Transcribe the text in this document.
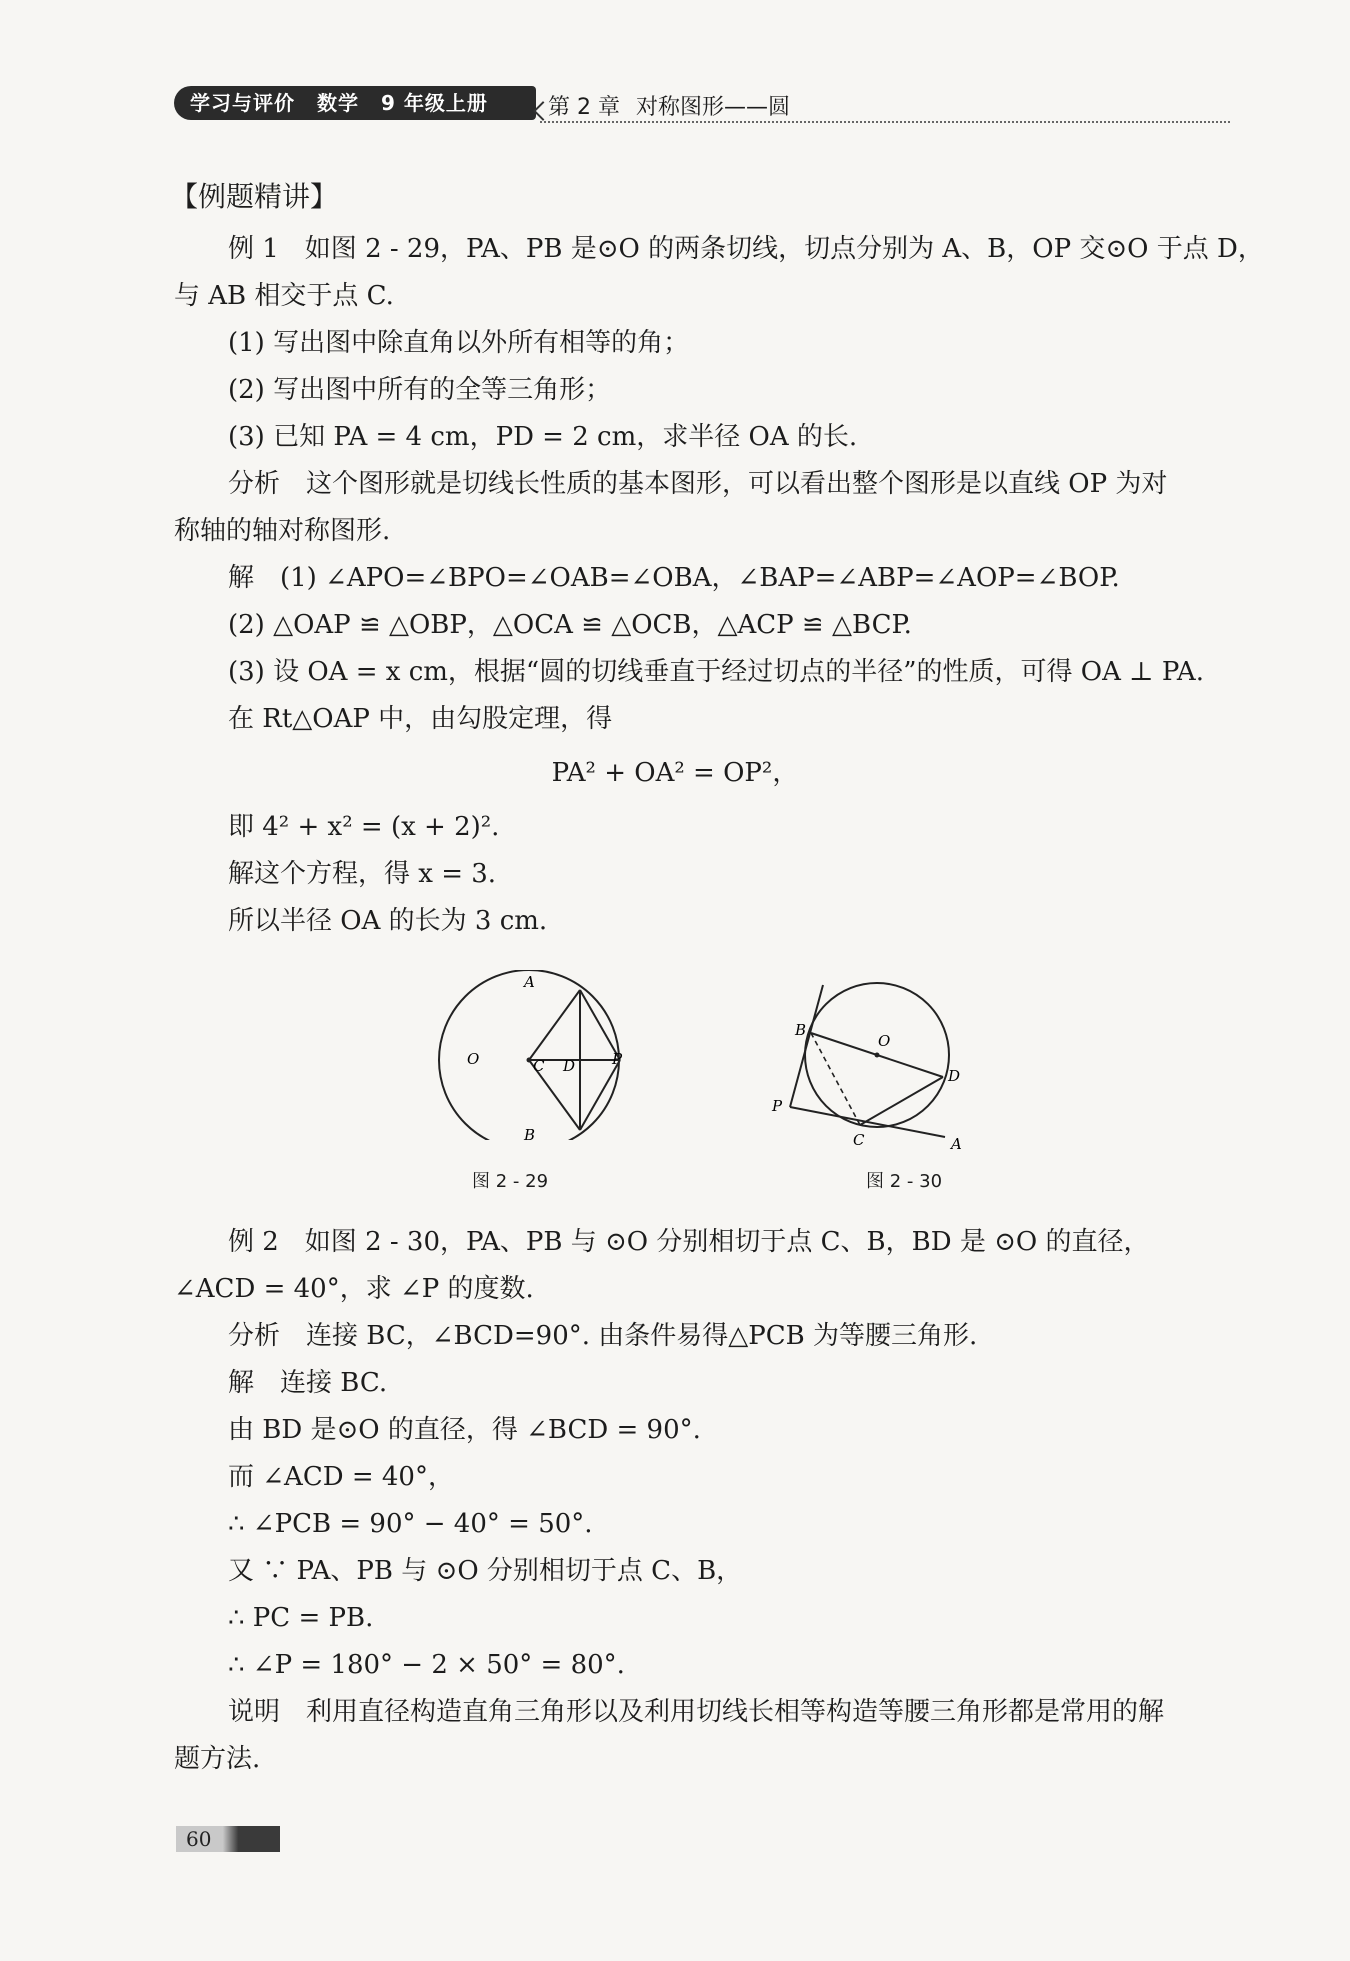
学习与评价 数学 9 年级上册	第 2 章 对称图形——圆
【例题精讲】
例 1　如图 2 - 29，PA、PB 是⊙O 的两条切线，切点分别为 A、B，OP 交⊙O 于点 D，
与 AB 相交于点 C.
(1) 写出图中除直角以外所有相等的角；
(2) 写出图中所有的全等三角形；
(3) 已知 PA = 4 cm，PD = 2 cm，求半径 OA 的长.
分析　这个图形就是切线长性质的基本图形，可以看出整个图形是以直线 OP 为对
称轴的轴对称图形.
解　(1) ∠APO=∠BPO=∠OAB=∠OBA，∠BAP=∠ABP=∠AOP=∠BOP.
(2) △OAP ≌ △OBP，△OCA ≌ △OCB，△ACP ≌ △BCP.
(3) 设 OA = x cm，根据“圆的切线垂直于经过切点的半径”的性质，可得 OA ⊥ PA.
在 Rt△OAP 中，由勾股定理，得
PA² + OA² = OP²，
即 4² + x² = (x + 2)².
解这个方程，得 x = 3.
所以半径 OA 的长为 3 cm.
A
B
C D
O	P
图 2 - 29
A
B
C
D
O
P
图 2 - 30
例 2　如图 2 - 30，PA、PB 与 ⊙O 分别相切于点 C、B，BD 是 ⊙O 的直径，
∠ACD = 40°，求 ∠P 的度数.
分析　连接 BC，∠BCD=90°. 由条件易得△PCB 为等腰三角形.
解　连接 BC.
由 BD 是⊙O 的直径，得 ∠BCD = 90°.
而 ∠ACD = 40°，
∴ ∠PCB = 90° − 40° = 50°.
又 ∵ PA、PB 与 ⊙O 分别相切于点 C、B，
∴ PC = PB.
∴ ∠P = 180° − 2 × 50° = 80°.
说明　利用直径构造直角三角形以及利用切线长相等构造等腰三角形都是常用的解
题方法.
60
